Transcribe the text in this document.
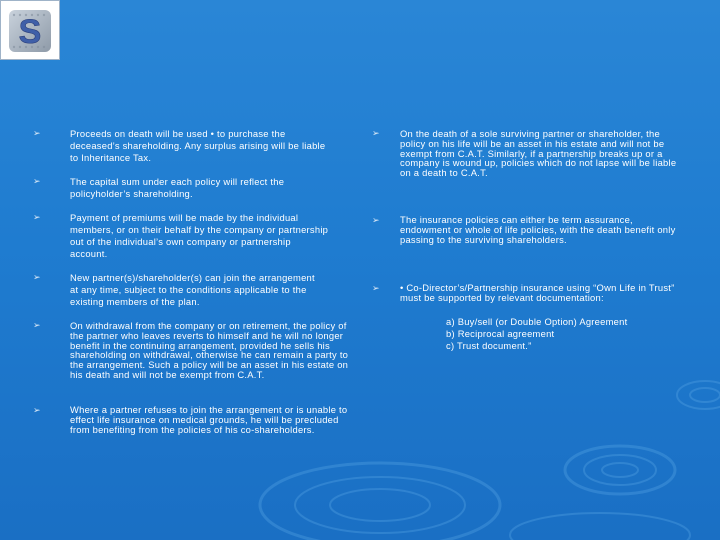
S
➢	Proceeds on death will be used • to purchase the deceased’s shareholding. Any surplus arising will be liable to Inheritance Tax.
➢	The capital sum under each policy will reflect the policyholder’s shareholding.
➢	Payment of premiums will be made by the individual members, or on their behalf by the company or partnership out of the individual’s own company or partnership account.
➢	New partner(s)/shareholder(s) can join the arrangement at any time, subject to the conditions applicable to the existing members of the plan.
➢	On withdrawal from the company or on retirement, the policy of the partner who leaves reverts to himself and he will no longer benefit in the continuing arrangement, provided he sells his shareholding on withdrawal, otherwise he can remain a party to the arrangement. Such a policy will be an asset in his estate on his death and will not be exempt from C.A.T.
➢	Where a partner refuses to join the arrangement or is unable to effect life insurance on medical grounds, he will be precluded from benefiting from the policies of his co-shareholders.
➢ On the death of a sole surviving partner or shareholder, the policy on his life will be an asset in his estate and will not be exempt from C.A.T. Similarly, if a partnership breaks up or a company is wound up, policies which do not lapse will be liable on a death to C.A.T.
➢ The insurance policies can either be term assurance, endowment or whole of life policies, with the death benefit only passing to the surviving shareholders.
➢ • Co-Director’s/Partnership insurance using “Own Life in Trust” must be supported by relevant documentation:
a) Buy/sell (or Double Option) Agreement
b) Reciprocal agreement
c) Trust document.”
